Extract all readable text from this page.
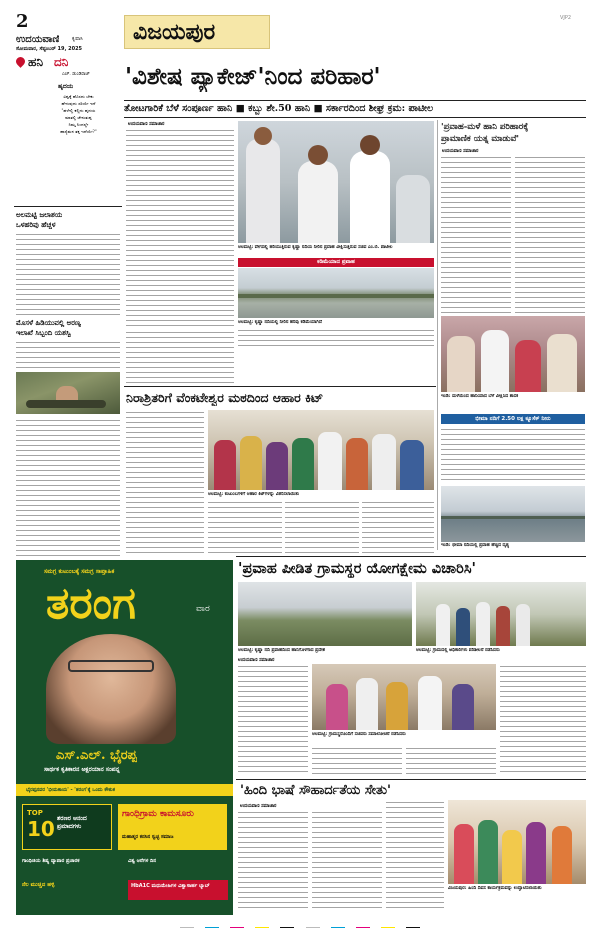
2
ಉದಯವಾಣಿ	ಕೃಪಾಸಿ
ಸೋಮವಾರ, ಸೆಪ್ಟಂಬರ್ 19, 2025
ವಿಜಯಪುರ
VJP2
ಹನಿ ದನಿ
ಎಚ್. ಡುಂಡಿರಾಜ್
ಹೃದಯ
ವಿಶ್ವಕ್ಕೆ ಹೊಸದು ಬೇಕು
ಹೇಳುವುದು ಸರಿಯೇ ಇದೆ
"ಹಳೇಲ್ಲಿ ಕಲ್ಲಿದು ಹೃದಯ
ಮಾತಲ್ಲಿ ಜೇನುತುಪ್ಪ
ನಿಮ್ಮ ನಿಂದಲ್ಲೇ
ಹಾಸ್ಯೆಮನ ತಕ್ಕ ಇದೆಯೇ?"
ಅಲಮಟ್ಟಿ ಜಲಾಶಯ
ಒಳಹರಿವು ಹೆಚ್ಚಳ
ಮೊಸಳೆ ಹಿಡಿಯುವಲ್ಲಿ ಅರಣ್ಯ
ಇಲಾಖೆ ಸಿಬ್ಬಂದಿ ಯಶಸ್ವಿ
'ವಿಶೇಷ ಪ್ಯಾಕೇಜ್'ನಿಂದ ಪರಿಹಾರ'
ತೋಟಗಾರಿಕೆ ಬೆಳೆ ಸಂಪೂರ್ಣ ಹಾನಿ ■ ಕಬ್ಬು ಶೇ.50 ಹಾನಿ ■ ಸರ್ಕಾರದಿಂದ ಶೀಘ್ರ ಕ್ರಮ: ಪಾಟೀಲ
ಉದಯವಾಣಿ ಸಮಾಚಾರ
ಆಲಮಟ್ಟಿ: ವೇಗದಲ್ಲಿ ಹರಿಯುತ್ತಿರುವ ಕೃಷ್ಣಾ ನದಿಯ ನೀರಿನ ಪ್ರವಾಹ ವೀಕ್ಷಿಸುತ್ತಿರುವ ಸಚಿವ ಎಂ.ಬಿ. ಪಾಟೀಲ
ಕಡಿಮೆಯಾದ ಪ್ರವಾಹ
ಆಲಮಟ್ಟಿ: ಕೃಷ್ಣಾ ನದಿಯಲ್ಲಿ ನೀರಿನ ಹರಿವು ಕಡಿಮೆಯಾಗಿದೆ
'ಪ್ರವಾಹ-ಮಳೆ ಹಾನಿ ಪರಿಹಾರಕ್ಕೆ
ಪ್ರಾಮಾಣಿಕ ಯತ್ನ ಮಾಡುವೆ'
ಉದಯವಾಣಿ ಸಮಾಚಾರ
ಇಂಡಿ: ಮಳೆಯಿಂದ ಹಾನಿಯಾದ ಬೆಳೆ ವೀಕ್ಷಿಸಿದ ಶಾಸಕ
ಭೀಮಾ ನದಿಗೆ 2.50 ಲಕ್ಷ ಕ್ಯೂಸೆಕ್ ನೀರು
ಇಂಡಿ: ಭೀಮಾ ನದಿಯಲ್ಲಿ ಪ್ರವಾಹ ಹೆಚ್ಚಿದ ದೃಶ್ಯ
ನಿರಾಶ್ರಿತರಿಗೆ ವೆಂಕಟೇಶ್ವರ ಮಠದಿಂದ ಆಹಾರ ಕಿಟ್
ಆಲಮಟ್ಟಿ: ಕುಟುಂಬಗಳಿಗೆ ಆಹಾರ ಕಿಟ್‌ಗಳನ್ನು ವಿತರಿಸಲಾಯಿತು
ಸಮಗ್ರ ಕುಟುಂಬಕ್ಕೆ ಸಮಗ್ರ ಸಾಪ್ತಾಹಿಕ
ತರಂಗ	ವಾರ
ಎಸ್.ಎಲ್. ಭೈರಪ್ಪ
ಸಾರ್ಥಕ ಕೃತಿಕಾರನ ಅಕ್ಷರಯಾನ ಸಂಪನ್ನ
ಭೈರಪ್ಪನವರ 'ಭೀಮಕಾಯ' - 'ತರಂಗ'ಕ್ಕೆ ಒಂದು ಕೌತುಕ
TOP
10 ಶರಣರ ಆನಂದ ಪ್ರಮಾದಗಳು
ಗಾಂಧಿಗ್ರಾಮ ಕಾಮಸೂರು
ಮಹಾತ್ಮರ ಕನಸಿನ ಸ್ವಚ್ಛ ಸಮಾಜ
ಗಾಂಧಿಜಿಯ ಶಿಷ್ಯ ವ್ಯಾಪಾರ ಪ್ರಚಾರಕ	ವಿಶ್ವ ಆನೆಗಳ ದಿನ
ನೆಲ ಮುಚ್ಚಿದ ಹಳ್ಳಿ	HbA1C ಮಧುಮೇಹಿಗಳ ವಿಶ್ವಾಸಾರ್ಹ ಲ್ಯಾಬ್
'ಪ್ರವಾಹ ಪೀಡಿತ ಗ್ರಾಮಸ್ಥರ ಯೋಗಕ್ಷೇಮ ವಿಚಾರಿಸಿ'
ಆಲಮಟ್ಟಿ: ಕೃಷ್ಣಾ ನದಿ ಪ್ರವಾಹದಿಂದ ಹಾನಿಗೊಳಗಾದ ಪ್ರದೇಶ	ಆಲಮಟ್ಟಿ: ಗ್ರಾಮದಲ್ಲಿ ಅಧಿಕಾರಿಗಳು ಪರಿಶೀಲನೆ ನಡೆಸಿದರು
ಉದಯವಾಣಿ ಸಮಾಚಾರ
ಆಲಮಟ್ಟಿ: ಗ್ರಾಮಸ್ಥರೊಂದಿಗೆ ಸಚಿವರು ಸಮಾಲೋಚನೆ ನಡೆಸಿದರು
'ಹಿಂದಿ ಭಾಷೆ ಸೌಹಾರ್ದತೆಯ ಸೇತು'
ಉದಯವಾಣಿ ಸಮಾಚಾರ
ವಿಜಯಪುರ: ಹಿಂದಿ ದಿವಸ ಕಾರ್ಯಕ್ರಮವನ್ನು ಉದ್ಘಾಟಿಸಲಾಯಿತು
